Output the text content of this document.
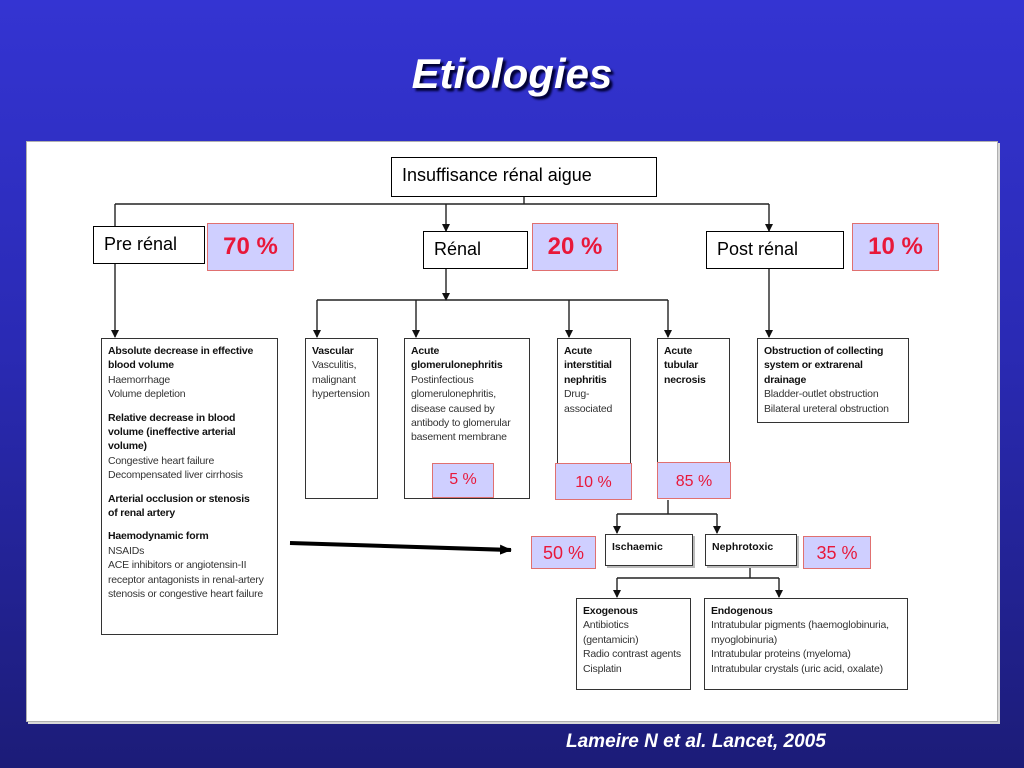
Etiologies
Insuffisance rénal aigue
Pre rénal	70 %	Rénal	20 %	Post rénal	10 %
Absolute decrease in effective blood volume
Haemorrhage
Volume depletion
Relative decrease in blood volume (ineffective arterial volume)
Congestive heart failure
Decompensated liver cirrhosis
Arterial occlusion or stenosis of renal artery
Haemodynamic form
NSAIDs
ACE inhibitors or angiotensin-II receptor antagonists in renal-artery stenosis or congestive heart failure
Vascular
Vasculitis, malignant hypertension
Acute glomerulonephritis
Postinfectious glomerulonephritis, disease caused by antibody to glomerular basement membrane
5 %
Acute interstitial nephritis
Drug-associated
10 %
Acute tubular necrosis
85 %
Obstruction of collecting system or extrarenal drainage
Bladder-outlet obstruction
Bilateral ureteral obstruction
Ischaemic
50 %	Nephrotoxic	35 %
Exogenous
Antibiotics (gentamicin)
Radio contrast agents
Cisplatin
Endogenous
Intratubular pigments (haemoglobinuria, myoglobinuria)
Intratubular proteins (myeloma)
Intratubular crystals (uric acid, oxalate)
Lameire N et al. Lancet, 2005
